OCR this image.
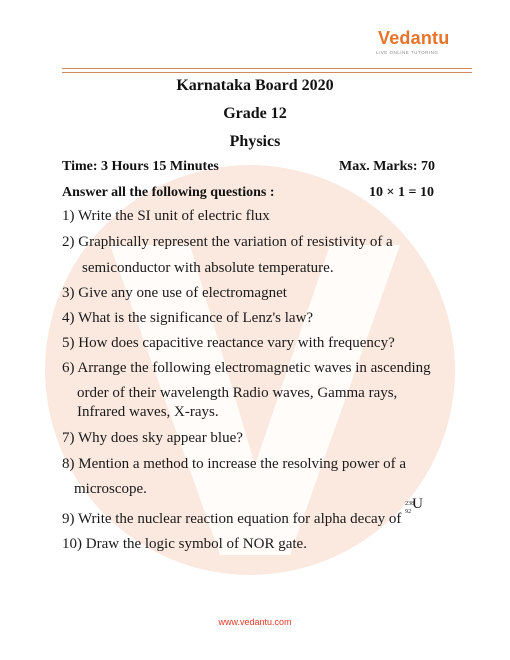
Vedantu
LIVE ONLINE TUTORING
Karnataka Board 2020
Grade 12
Physics
Time: 3 Hours 15 Minutes	Max. Marks: 70
Answer all the following questions :	10 × 1 = 10
1) Write the SI unit of electric flux
2) Graphically represent the variation of resistivity of a
semiconductor with absolute temperature.
3) Give any one use of electromagnet
4) What is the significance of Lenz's law?
5) How does capacitive reactance vary with frequency?
6) Arrange the following electromagnetic waves in ascending
order of their wavelength Radio waves, Gamma rays,
Infrared waves, X-rays.
7) Why does sky appear blue?
8) Mention a method to increase the resolving power of a
microscope.
9) Write the nuclear reaction equation for alpha decay of
238
92 U
10) Draw the logic symbol of NOR gate.
www.vedantu.com
